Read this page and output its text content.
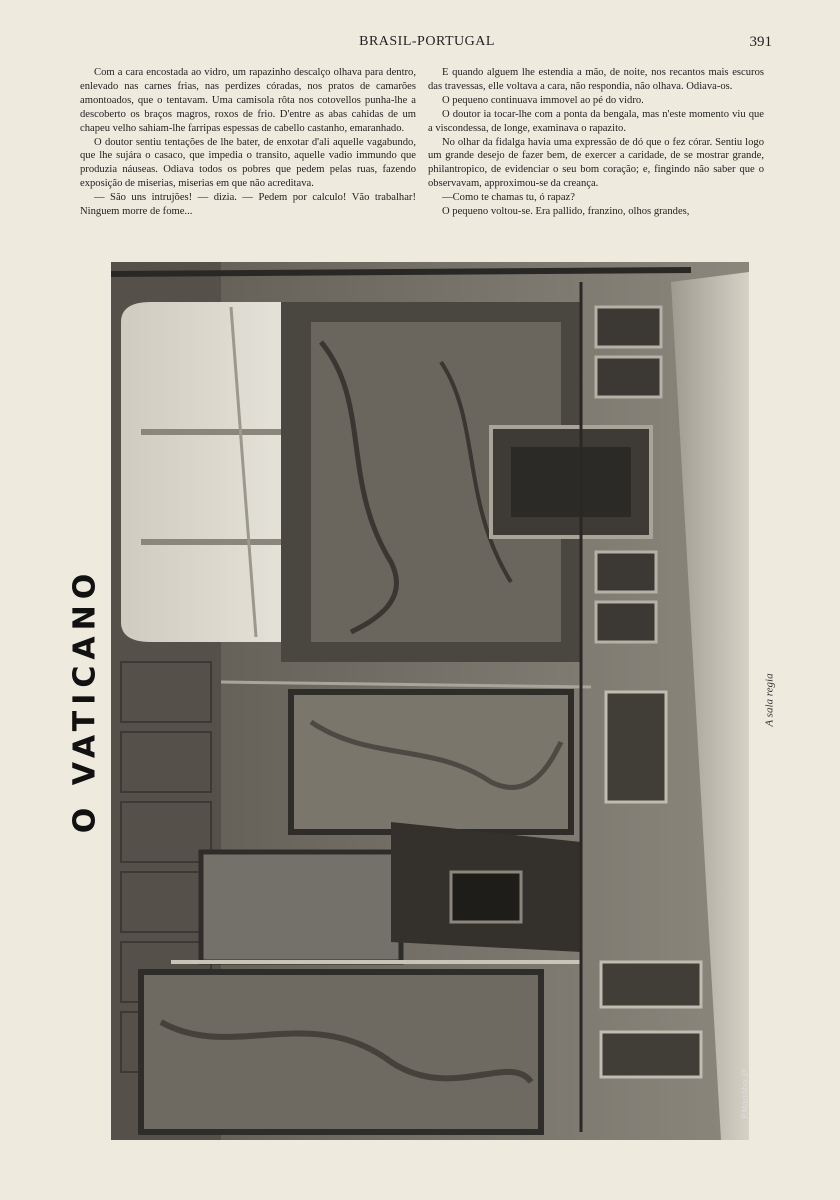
BRASIL-PORTUGAL	391

Com a cara encostada ao vidro, um rapazinho descalço olhava para dentro, enlevado nas carnes frias, nas perdizes córadas, nos pratos de camarões amontoados, que o tentavam. Uma camisola rôta nos cotovellos punha-lhe a descoberto os braços magros, roxos de frio. D'entre as abas cahidas de um chapeu velho sahiam-lhe farripas espessas de cabello castanho, emaranhado.

O doutor sentiu tentações de lhe bater, de enxotar d'ali aquelle vagabundo, que lhe sujára o casaco, que impedia o transito, aquelle vadio immundo que produzia náuseas. Odiava todos os pobres que pedem pelas ruas, fazendo exposição de miserias, miserias em que não acreditava.

— São uns intrujões! — dizia. — Pedem por calculo! Vão trabalhar! Ninguem morre de fome...

E quando alguem lhe estendia a mão, de noite, nos recantos mais escuros das travessas, elle voltava a cara, não respondia, não olhava. Odiava-os.

O pequeno continuava immovel ao pé do vidro.

O doutor ia tocar-lhe com a ponta da bengala, mas n'este momento viu que a viscondessa, de longe, examinava o rapazito.

No olhar da fidalga havia uma expressão de dó que o fez córar. Sentiu logo um grande desejo de fazer bem, de exercer a caridade, de se mostrar grande, philantropico, de evidenciar o seu bom coração; e, fingindo não saber que o observavam, approximou-se da creança.

—Como te chamas tu, ó rapaz?

O pequeno voltou-se. Era pallido, franzino, olhos grandes,

O VATICANO	A sala regia
P.Marinho 3º
